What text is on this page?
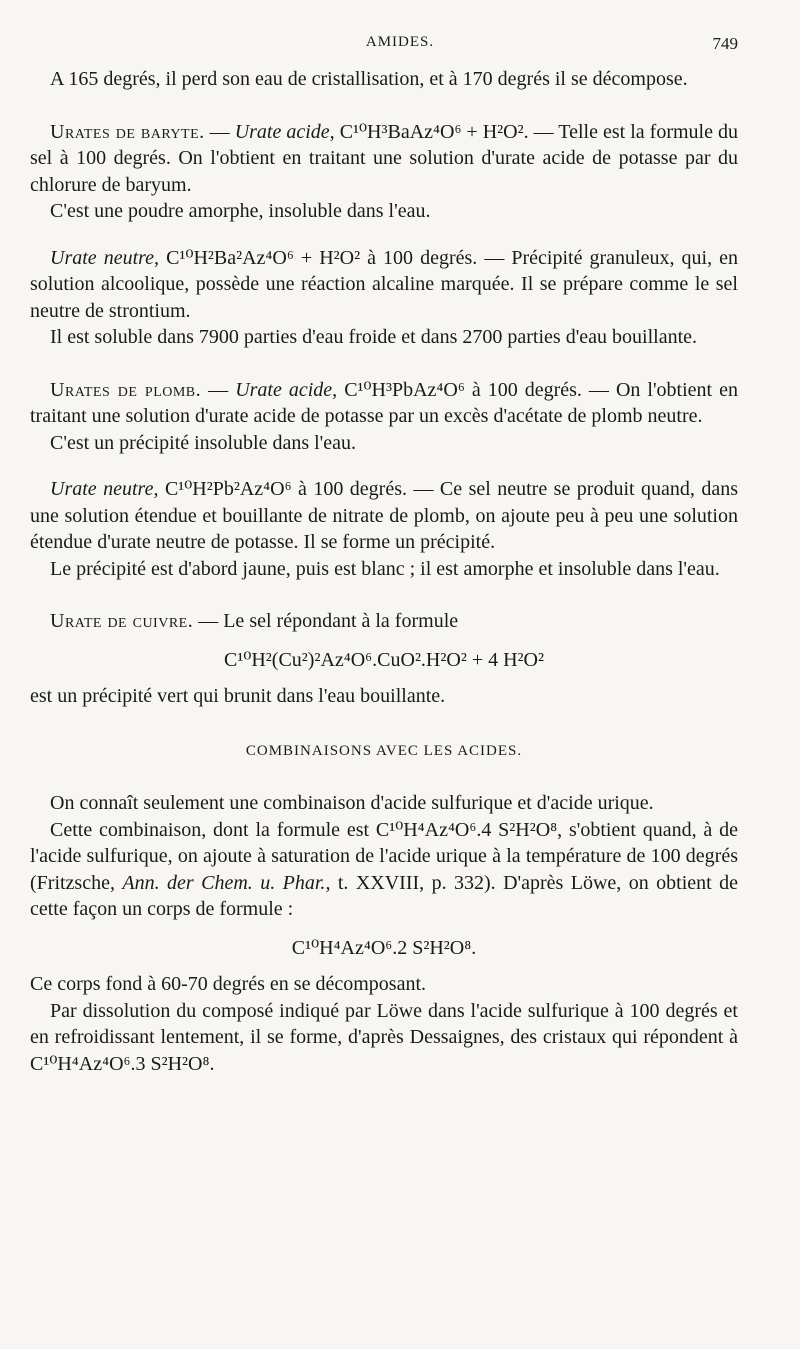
AMIDES.	749

A 165 degrés, il perd son eau de cristallisation, et à 170 degrés il se décompose.

Urates de baryte. — Urate acide, C¹⁰H³BaAz⁴O⁶ + H²O². — Telle est la formule du sel à 100 degrés. On l'obtient en traitant une solution d'urate acide de potasse par du chlorure de baryum.

C'est une poudre amorphe, insoluble dans l'eau.

Urate neutre, C¹⁰H²Ba²Az⁴O⁶ + H²O² à 100 degrés. — Précipité granuleux, qui, en solution alcoolique, possède une réaction alcaline marquée. Il se prépare comme le sel neutre de strontium.

Il est soluble dans 7900 parties d'eau froide et dans 2700 parties d'eau bouillante.

Urates de plomb. — Urate acide, C¹⁰H³PbAz⁴O⁶ à 100 degrés. — On l'obtient en traitant une solution d'urate acide de potasse par un excès d'acétate de plomb neutre.

C'est un précipité insoluble dans l'eau.

Urate neutre, C¹⁰H²Pb²Az⁴O⁶ à 100 degrés. — Ce sel neutre se produit quand, dans une solution étendue et bouillante de nitrate de plomb, on ajoute peu à peu une solution étendue d'urate neutre de potasse. Il se forme un précipité.

Le précipité est d'abord jaune, puis est blanc ; il est amorphe et insoluble dans l'eau.

Urate de cuivre. — Le sel répondant à la formule

C¹⁰H²(Cu²)²Az⁴O⁶.CuO².H²O² + 4 H²O²

est un précipité vert qui brunit dans l'eau bouillante.

COMBINAISONS AVEC LES ACIDES.

On connaît seulement une combinaison d'acide sulfurique et d'acide urique.

Cette combinaison, dont la formule est C¹⁰H⁴Az⁴O⁶.4 S²H²O⁸, s'obtient quand, à de l'acide sulfurique, on ajoute à saturation de l'acide urique à la température de 100 degrés (Fritzsche, Ann. der Chem. u. Phar., t. XXVIII, p. 332). D'après Löwe, on obtient de cette façon un corps de formule :

C¹⁰H⁴Az⁴O⁶.2 S²H²O⁸.

Ce corps fond à 60-70 degrés en se décomposant.

Par dissolution du composé indiqué par Löwe dans l'acide sulfurique à 100 degrés et en refroidissant lentement, il se forme, d'après Dessaignes, des cristaux qui répondent à C¹⁰H⁴Az⁴O⁶.3 S²H²O⁸.
